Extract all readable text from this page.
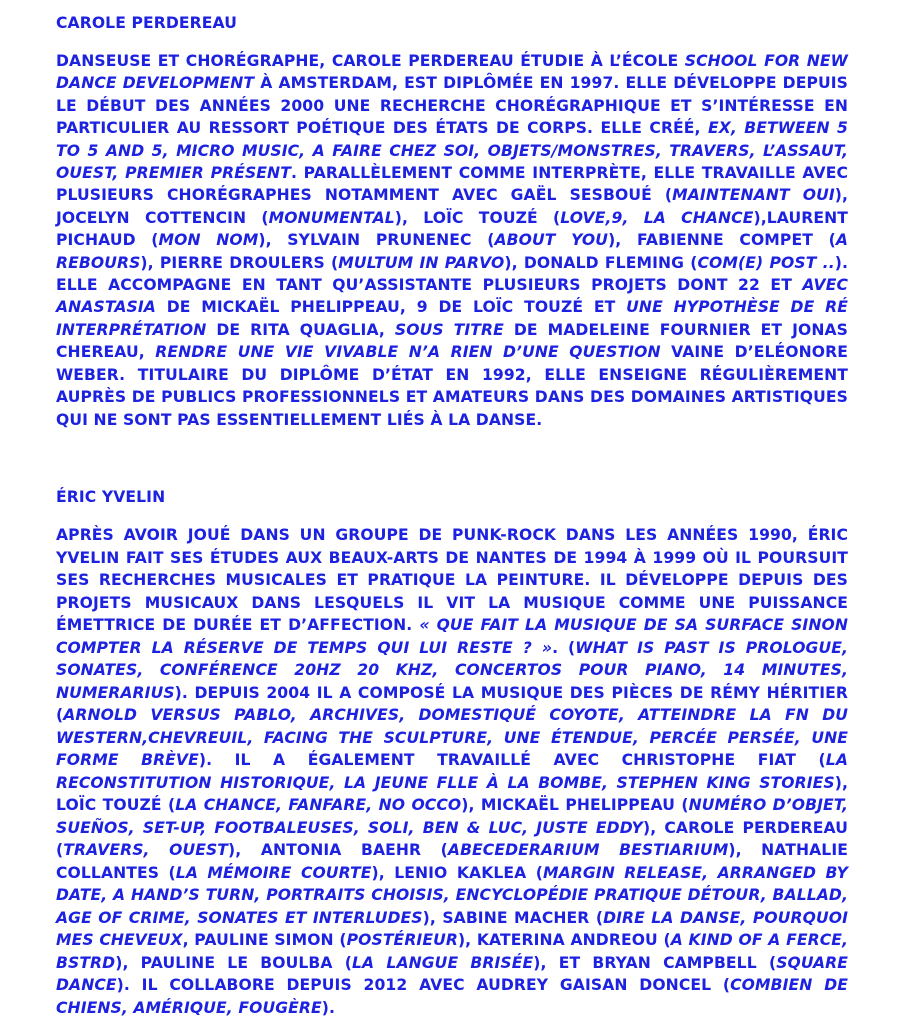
CAROLE PERDEREAU

DANSEUSE ET CHORÉGRAPHE, CAROLE PERDEREAU ÉTUDIE À L’ÉCOLE SCHOOL FOR NEW DANCE DEVELOPMENT À AMSTERDAM, EST DIPLÔMÉE EN 1997. ELLE DÉVELOPPE DEPUIS LE DÉBUT DES ANNÉES 2000 UNE RECHERCHE CHORÉGRAPHIQUE ET S’INTÉRESSE EN PARTICULIER AU RESSORT POÉTIQUE DES ÉTATS DE CORPS. ELLE CRÉÉ, EX, BETWEEN 5 TO 5 AND 5, MICRO MUSIC, A FAIRE CHEZ SOI, OBJETS/MONSTRES, TRAVERS, L’ASSAUT, OUEST, PREMIER PRÉSENT. PARALLÈLEMENT COMME INTERPRÈTE, ELLE TRAVAILLE AVEC PLUSIEURS CHORÉGRAPHES NOTAMMENT AVEC GAËL SESBOUÉ (MAINTENANT OUI), JOCELYN COTTENCIN (MONUMENTAL), LOÏC TOUZÉ (LOVE,9, LA CHANCE),LAURENT PICHAUD (MON NOM), SYLVAIN PRUNENEC (ABOUT YOU), FABIENNE COMPET (A REBOURS), PIERRE DROULERS (MULTUM IN PARVO), DONALD FLEMING (COM(E) POST ..). ELLE ACCOMPAGNE EN TANT QU’ASSISTANTE PLUSIEURS PROJETS DONT 22 ET AVEC ANASTASIA DE MICKAËL PHELIPPEAU, 9 DE LOÏC TOUZÉ ET UNE HYPOTHÈSE DE RÉ INTERPRÉTATION DE RITA QUAGLIA, SOUS TITRE DE MADELEINE FOURNIER ET JONAS CHEREAU, RENDRE UNE VIE VIVABLE N’A RIEN D’UNE QUESTION VAINE D’ELÉONORE WEBER. TITULAIRE DU DIPLÔME D’ÉTAT EN 1992, ELLE ENSEIGNE RÉGULIÈREMENT AUPRÈS DE PUBLICS PROFESSIONNELS ET AMATEURS DANS DES DOMAINES ARTISTIQUES QUI NE SONT PAS ESSENTIELLEMENT LIÉS À LA DANSE.

ÉRIC YVELIN

APRÈS AVOIR JOUÉ DANS UN GROUPE DE PUNK-ROCK DANS LES ANNÉES 1990, ÉRIC YVELIN FAIT SES ÉTUDES AUX BEAUX-ARTS DE NANTES DE 1994 À 1999 OÙ IL POURSUIT SES RECHERCHES MUSICALES ET PRATIQUE LA PEINTURE. IL DÉVELOPPE DEPUIS DES PROJETS MUSICAUX DANS LESQUELS IL VIT LA MUSIQUE COMME UNE PUISSANCE ÉMETTRICE DE DURÉE ET D’AFFECTION. « QUE FAIT LA MUSIQUE DE SA SURFACE SINON COMPTER LA RÉSERVE DE TEMPS QUI LUI RESTE ? ». (WHAT IS PAST IS PROLOGUE, SONATES, CONFÉRENCE 20HZ 20 KHZ, CONCERTOS POUR PIANO, 14 MINUTES, NUMERARIUS). DEPUIS 2004 IL A COMPOSÉ LA MUSIQUE DES PIÈCES DE RÉMY HÉRITIER (ARNOLD VERSUS PABLO, ARCHIVES, DOMESTIQUÉ COYOTE, ATTEINDRE LA FN DU WESTERN,CHEVREUIL, FACING THE SCULPTURE, UNE ÉTENDUE, PERCÉE PERSÉE, UNE FORME BRÈVE). IL A ÉGALEMENT TRAVAILLÉ AVEC CHRISTOPHE FIAT (LA RECONSTITUTION HISTORIQUE, LA JEUNE FLLE À LA BOMBE, STEPHEN KING STORIES), LOÏC TOUZÉ (LA CHANCE, FANFARE, NO OCCO), MICKAËL PHELIPPEAU (NUMÉRO D’OBJET, SUEÑOS, SET-UP, FOOTBALEUSES, SOLI, BEN & LUC, JUSTE EDDY), CAROLE PERDEREAU (TRAVERS, OUEST), ANTONIA BAEHR (ABECEDERARIUM BESTIARIUM), NATHALIE COLLANTES (LA MÉMOIRE COURTE), LENIO KAKLEA (MARGIN RELEASE, ARRANGED BY DATE, A HAND’S TURN, PORTRAITS CHOISIS, ENCYCLOPÉDIE PRATIQUE DÉTOUR, BALLAD, AGE OF CRIME, SONATES ET INTERLUDES), SABINE MACHER (DIRE LA DANSE, POURQUOI MES CHEVEUX, PAULINE SIMON (POSTÉRIEUR), KATERINA ANDREOU (A KIND OF A FERCE, BSTRD), PAULINE LE BOULBA (LA LANGUE BRISÉE), ET BRYAN CAMPBELL (SQUARE DANCE). IL COLLABORE DEPUIS 2012 AVEC AUDREY GAISAN DONCEL (COMBIEN DE CHIENS, AMÉRIQUE, FOUGÈRE).
